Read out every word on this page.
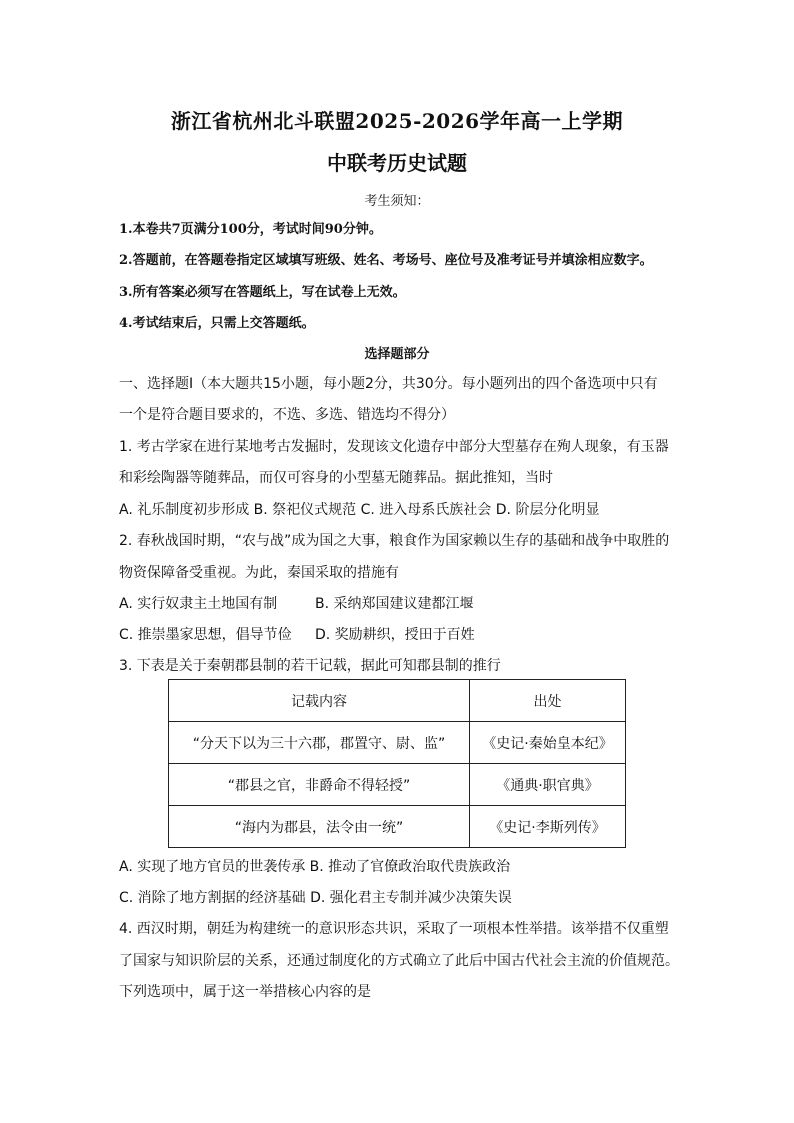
浙江省杭州北斗联盟2025-2026学年高一上学期
中联考历史试题
考生须知：
1.本卷共7页满分100分，考试时间90分钟。
2.答题前，在答题卷指定区域填写班级、姓名、考场号、座位号及准考证号并填涂相应数字。
3.所有答案必须写在答题纸上，写在试卷上无效。
4.考试结束后，只需上交答题纸。
选择题部分
一、选择题Ⅰ（本大题共15小题，每小题2分，共30分。每小题列出的四个备选项中只有
一个是符合题目要求的，不选、多选、错选均不得分）
1. 考古学家在进行某地考古发掘时，发现该文化遗存中部分大型墓存在殉人现象，有玉器
和彩绘陶器等随葬品，而仅可容身的小型墓无随葬品。据此推知，当时
A. 礼乐制度初步形成 B. 祭祀仪式规范 C. 进入母系氏族社会 D. 阶层分化明显
2. 春秋战国时期，“农与战”成为国之大事，粮食作为国家赖以生存的基础和战争中取胜的
物资保障备受重视。为此，秦国采取的措施有
A. 实行奴隶主土地国有制	B. 采纳郑国建议建都江堰
C. 推崇墨家思想，倡导节俭 D. 奖励耕织，授田于百姓
3. 下表是关于秦朝郡县制的若干记载，据此可知郡县制的推行
记载内容	出处
“分天下以为三十六郡，郡置守、尉、监”	《史记·秦始皇本纪》
“郡县之官，非爵命不得轻授”	《通典·职官典》
“海内为郡县，法令由一统”	《史记·李斯列传》
A. 实现了地方官员的世袭传承 B. 推动了官僚政治取代贵族政治
C. 消除了地方割据的经济基础 D. 强化君主专制并减少决策失误
4. 西汉时期，朝廷为构建统一的意识形态共识，采取了一项根本性举措。该举措不仅重塑
了国家与知识阶层的关系，还通过制度化的方式确立了此后中国古代社会主流的价值规范。
下列选项中，属于这一举措核心内容的是
